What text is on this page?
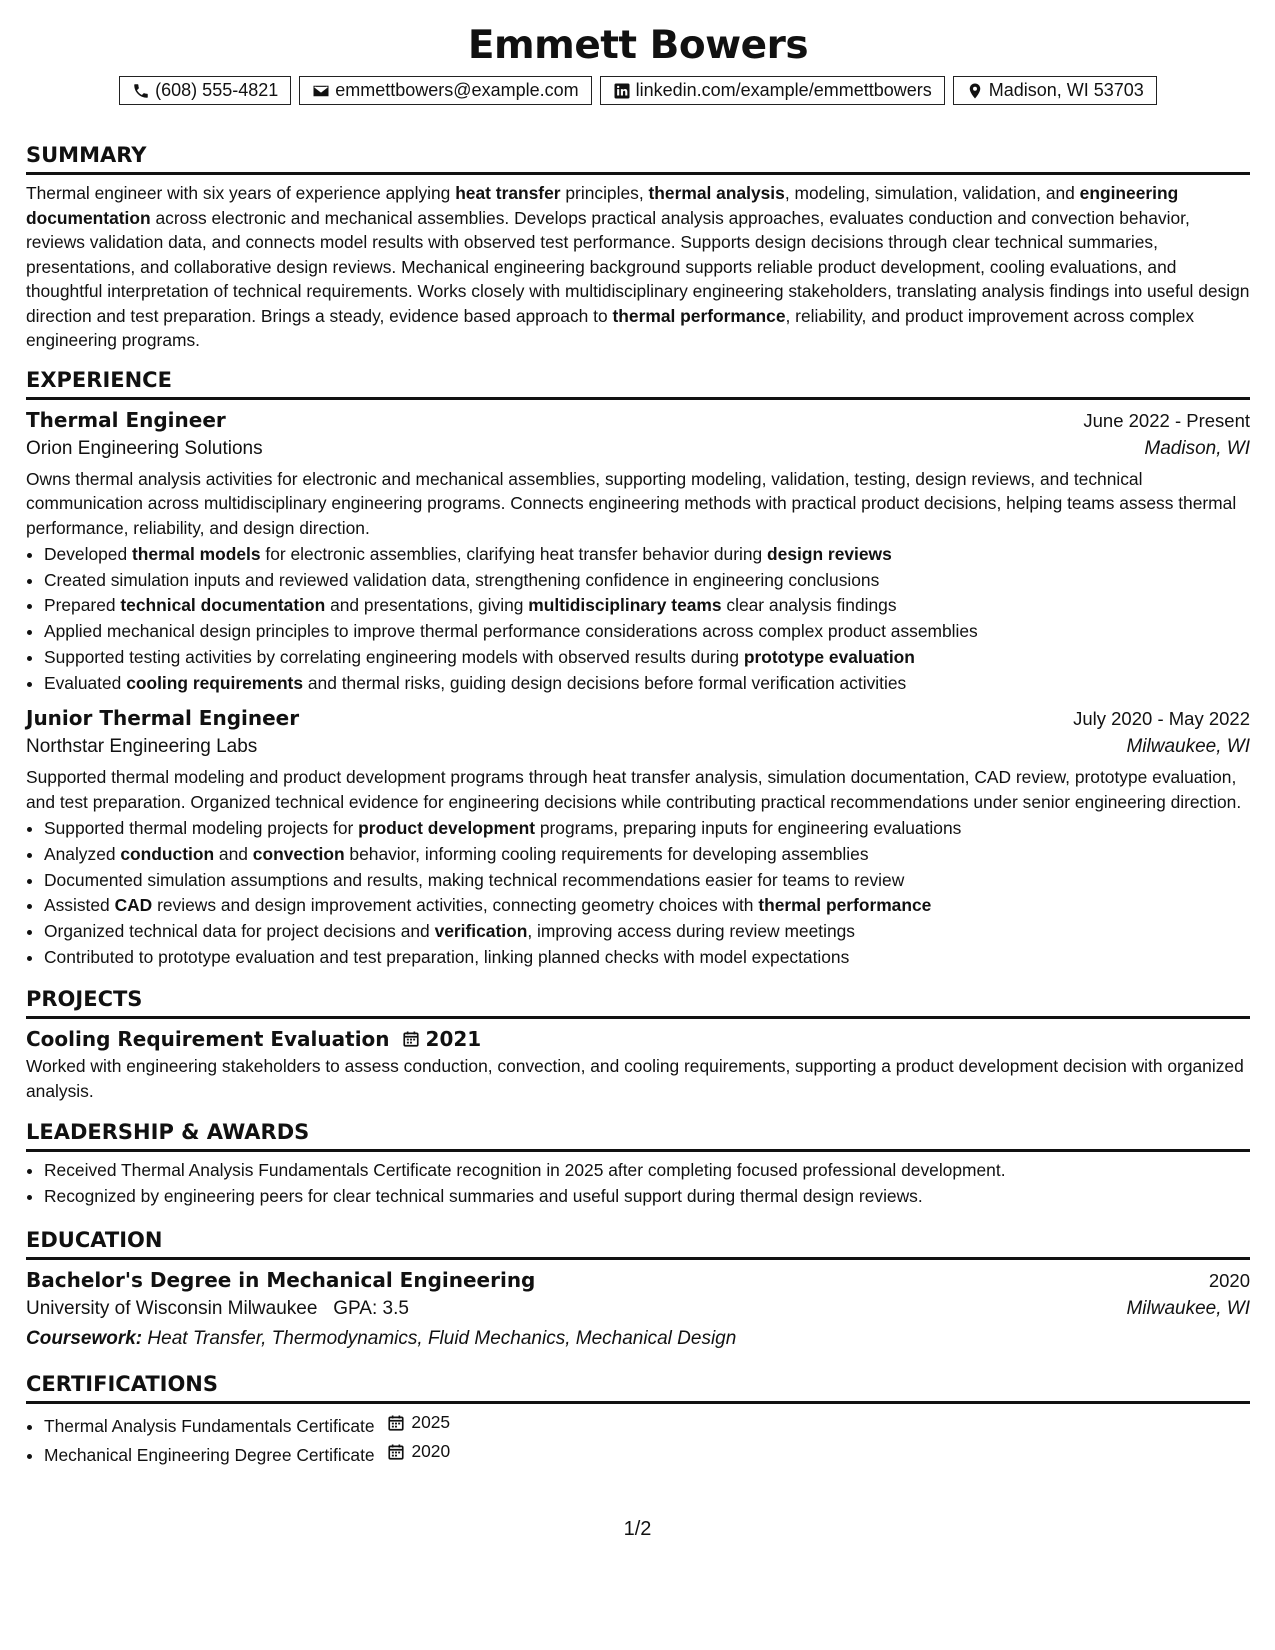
Emmett Bowers
(608) 555-4821	emmettbowers@example.com	linkedin.com/example/emmettbowers	Madison, WI 53703
SUMMARY

Thermal engineer with six years of experience applying heat transfer principles, thermal analysis, modeling, simulation, validation, and engineering documentation across electronic and mechanical assemblies. Develops practical analysis approaches, evaluates conduction and convection behavior, reviews validation data, and connects model results with observed test performance. Supports design decisions through clear technical summaries, presentations, and collaborative design reviews. Mechanical engineering background supports reliable product development, cooling evaluations, and thoughtful interpretation of technical requirements. Works closely with multidisciplinary engineering stakeholders, translating analysis findings into useful design direction and test preparation. Brings a steady, evidence based approach to thermal performance, reliability, and product improvement across complex engineering programs.

EXPERIENCE
Thermal Engineer	June 2022 - Present
Orion Engineering Solutions	Madison, WI

Owns thermal analysis activities for electronic and mechanical assemblies, supporting modeling, validation, testing, design reviews, and technical communication across multidisciplinary engineering programs. Connects engineering methods with practical product decisions, helping teams assess thermal performance, reliability, and design direction.

• Developed thermal models for electronic assemblies, clarifying heat transfer behavior during design reviews
• Created simulation inputs and reviewed validation data, strengthening confidence in engineering conclusions
• Prepared technical documentation and presentations, giving multidisciplinary teams clear analysis findings
• Applied mechanical design principles to improve thermal performance considerations across complex product assemblies
• Supported testing activities by correlating engineering models with observed results during prototype evaluation
• Evaluated cooling requirements and thermal risks, guiding design decisions before formal verification activities
Junior Thermal Engineer	July 2020 - May 2022
Northstar Engineering Labs	Milwaukee, WI

Supported thermal modeling and product development programs through heat transfer analysis, simulation documentation, CAD review, prototype evaluation, and test preparation. Organized technical evidence for engineering decisions while contributing practical recommendations under senior engineering direction.

• Supported thermal modeling projects for product development programs, preparing inputs for engineering evaluations
• Analyzed conduction and convection behavior, informing cooling requirements for developing assemblies
• Documented simulation assumptions and results, making technical recommendations easier for teams to review
• Assisted CAD reviews and design improvement activities, connecting geometry choices with thermal performance
• Organized technical data for project decisions and verification, improving access during review meetings
• Contributed to prototype evaluation and test preparation, linking planned checks with model expectations
PROJECTS
Cooling Requirement Evaluation 2021

Worked with engineering stakeholders to assess conduction, convection, and cooling requirements, supporting a product development decision with organized analysis.

LEADERSHIP & AWARDS
• Received Thermal Analysis Fundamentals Certificate recognition in 2025 after completing focused professional development.
• Recognized by engineering peers for clear technical summaries and useful support during thermal design reviews.
EDUCATION
Bachelor's Degree in Mechanical Engineering	2020
University of Wisconsin Milwaukee GPA: 3.5	Milwaukee, WI
Coursework: Heat Transfer, Thermodynamics, Fluid Mechanics, Mechanical Design
CERTIFICATIONS
• Thermal Analysis Fundamentals Certificate 2025
• Mechanical Engineering Degree Certificate 2020
1/2
